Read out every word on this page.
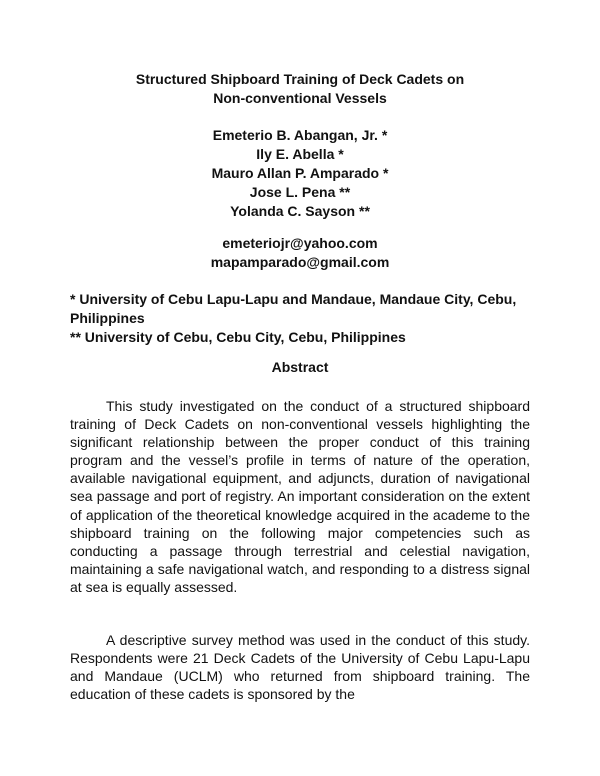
Structured Shipboard Training of Deck Cadets on
Non-conventional Vessels
Emeterio B. Abangan, Jr. *
Ily E. Abella *
Mauro Allan P. Amparado *
Jose L. Pena **
Yolanda C. Sayson **
emeteriojr@yahoo.com
mapamparado@gmail.com
* University of Cebu Lapu-Lapu and Mandaue, Mandaue City, Cebu, Philippines
** University of Cebu, Cebu City, Cebu, Philippines
Abstract

This study investigated on the conduct of a structured shipboard training of Deck Cadets on non-conventional vessels highlighting the significant relationship between the proper conduct of this training program and the vessel’s profile in terms of nature of the operation, available navigational equipment, and adjuncts, duration of navigational sea passage and port of registry. An important consideration on the extent of application of the theoretical knowledge acquired in the academe to the shipboard training on the following major competencies such as conducting a passage through terrestrial and celestial navigation, maintaining a safe navigational watch, and responding to a distress signal at sea is equally assessed.

A descriptive survey method was used in the conduct of this study. Respondents were 21 Deck Cadets of the University of Cebu Lapu-Lapu and Mandaue (UCLM) who returned from shipboard training. The education of these cadets is sponsored by the
